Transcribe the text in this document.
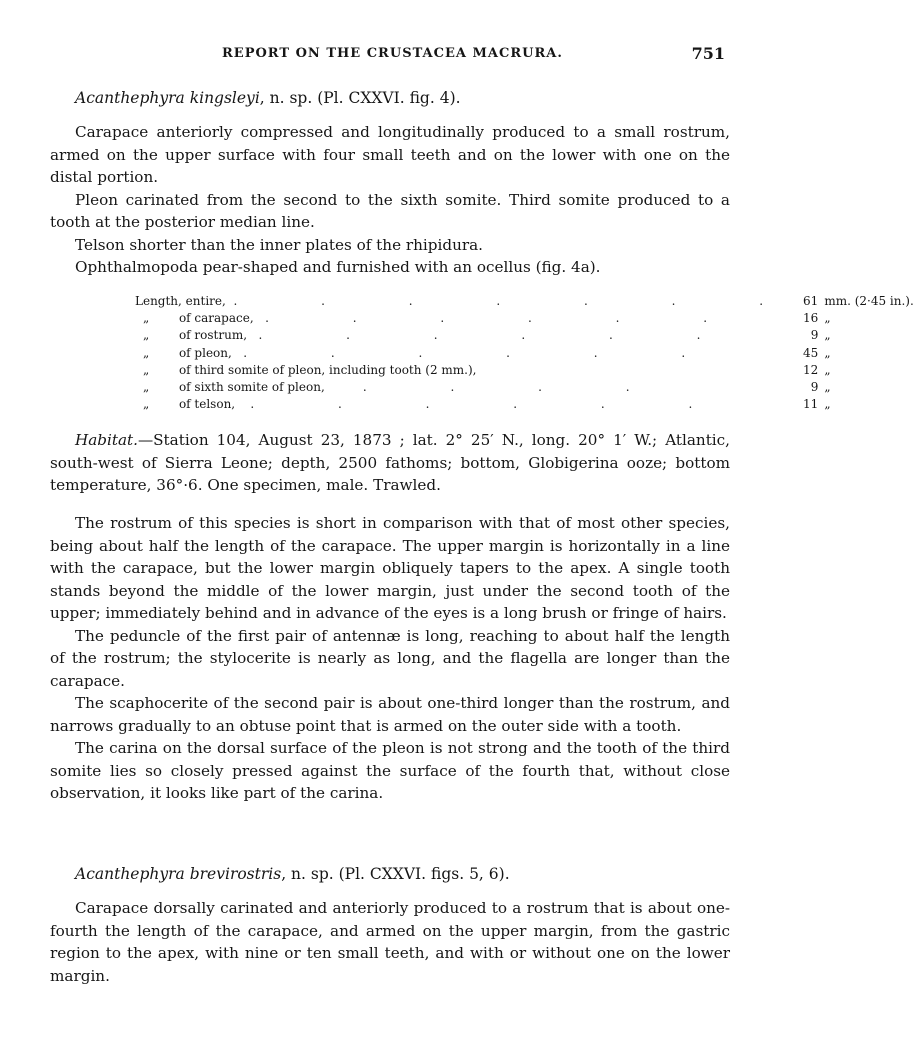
REPORT ON THE CRUSTACEA MACRURA.	751
Acanthephyra kingsleyi, n. sp. (Pl. CXXVI. fig. 4).

Carapace anteriorly compressed and longitudinally produced to a small rostrum, armed on the upper surface with four small teeth and on the lower with one on the distal portion.

Pleon carinated from the second to the sixth somite. Third somite produced to a tooth at the posterior median line.

Telson shorter than the inner plates of the rhipidura.

Ophthalmopoda pear-shaped and furnished with an ocellus (fig. 4a).

Length, entire, . . . . . . .		61	mm. (2·45 in.).
„	of carapace, . . . . . .	16	„
„	of rostrum, . . . . . .	9	„
„	of pleon, . . . . . .	45	„
„	of third somite of pleon, including tooth (2 mm.),	12	„
„	of sixth somite of pleon, . . . .	9	„
„	of telson, . . . . . .	11	„

Habitat.—Station 104, August 23, 1873 ; lat. 2° 25′ N., long. 20° 1′ W.; Atlantic, south-west of Sierra Leone; depth, 2500 fathoms; bottom, Globigerina ooze; bottom temperature, 36°·6. One specimen, male. Trawled.

The rostrum of this species is short in comparison with that of most other species, being about half the length of the carapace. The upper margin is horizontally in a line with the carapace, but the lower margin obliquely tapers to the apex. A single tooth stands beyond the middle of the lower margin, just under the second tooth of the upper; immediately behind and in advance of the eyes is a long brush or fringe of hairs.

The peduncle of the first pair of antennæ is long, reaching to about half the length of the rostrum; the stylocerite is nearly as long, and the flagella are longer than the carapace.

The scaphocerite of the second pair is about one-third longer than the rostrum, and narrows gradually to an obtuse point that is armed on the outer side with a tooth.

The carina on the dorsal surface of the pleon is not strong and the tooth of the third somite lies so closely pressed against the surface of the fourth that, without close observation, it looks like part of the carina.

Acanthephyra brevirostris, n. sp. (Pl. CXXVI. figs. 5, 6).

Carapace dorsally carinated and anteriorly produced to a rostrum that is about one-fourth the length of the carapace, and armed on the upper margin, from the gastric region to the apex, with nine or ten small teeth, and with or without one on the lower margin.
